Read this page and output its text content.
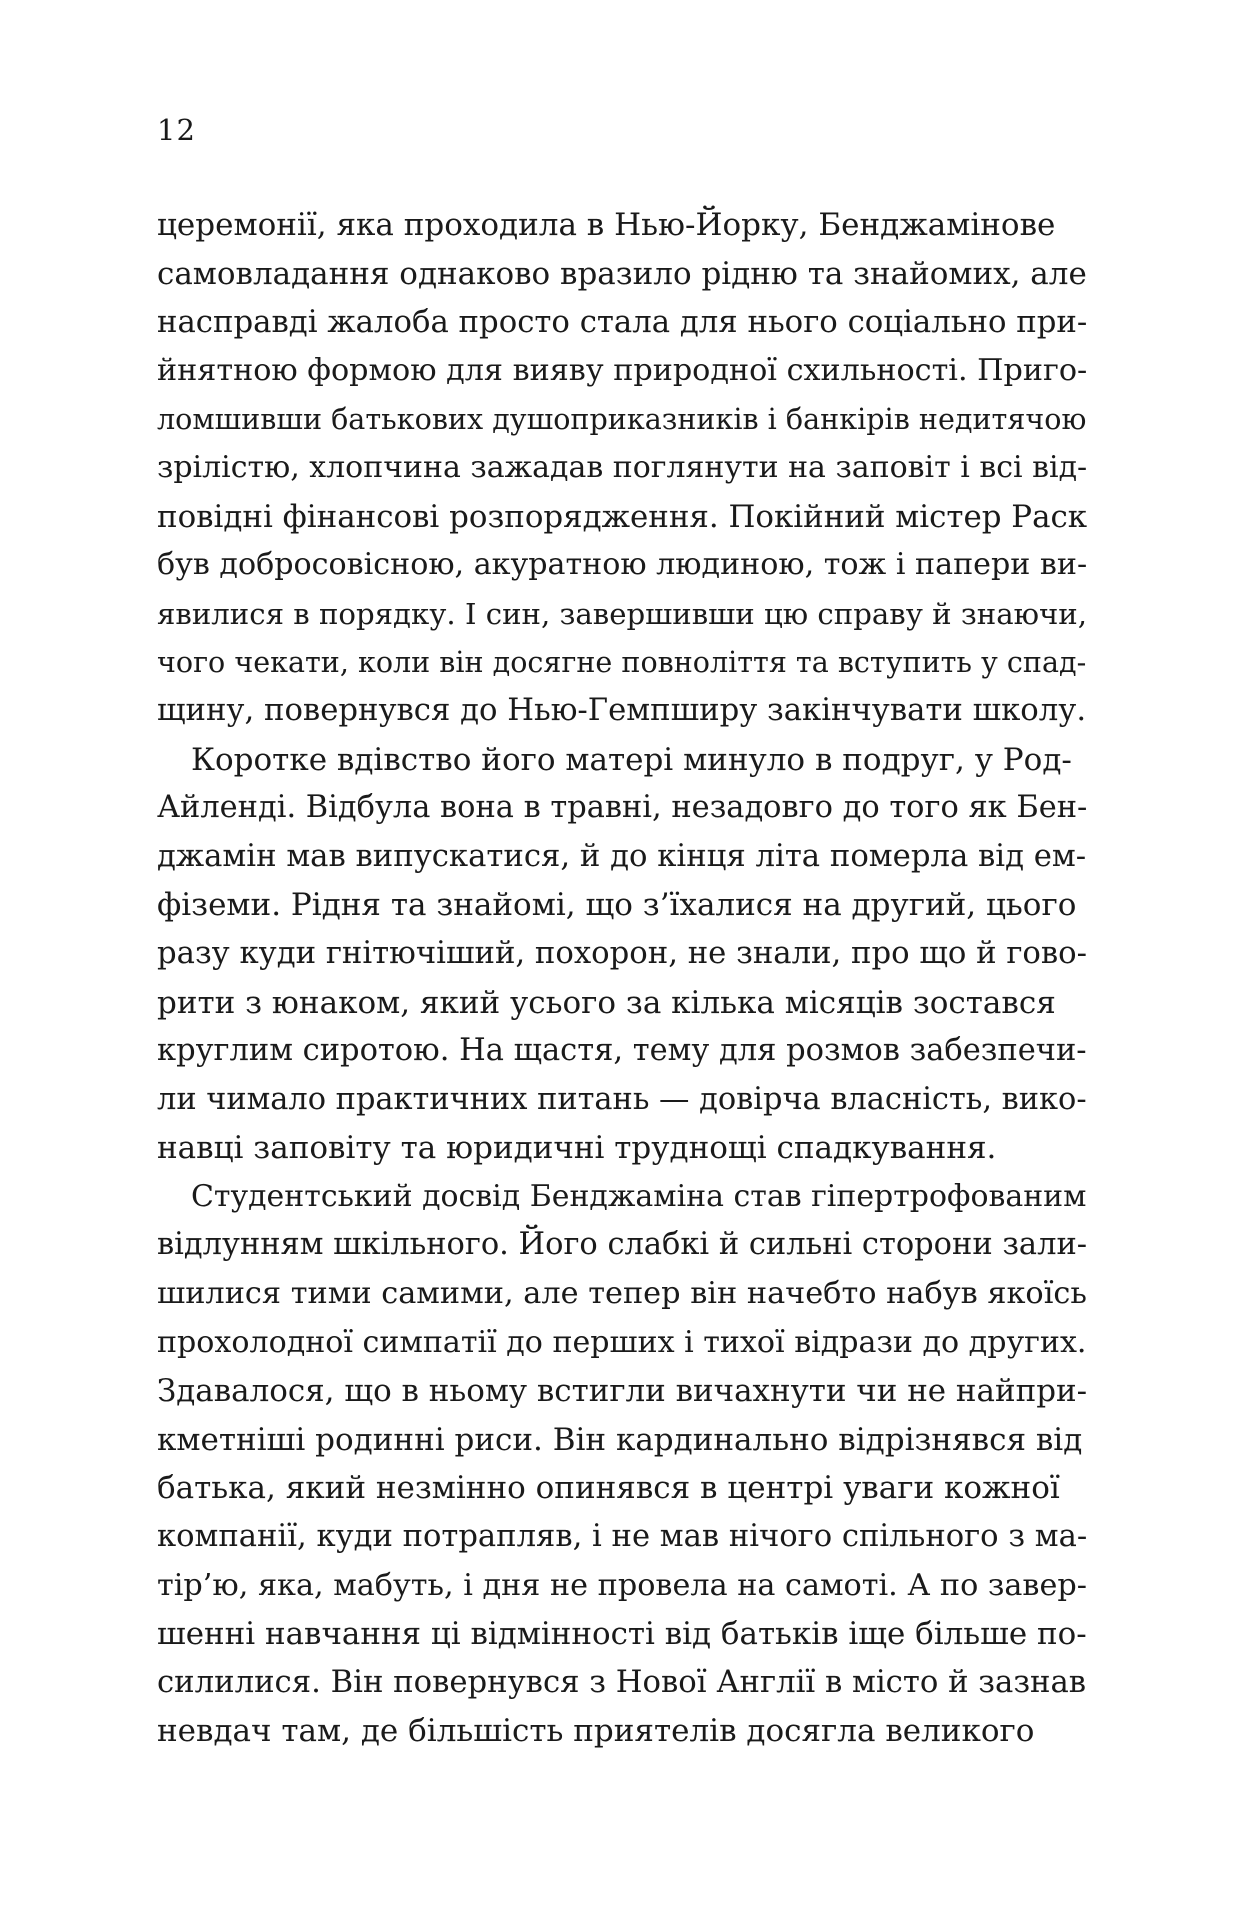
12
церемонії, яка проходила в Нью-Йорку, Бенджамінове
самовладання однаково вразило рідню та знайомих, але
насправді жалоба просто стала для нього соціально при-
йнятною формою для вияву природної схильності. Приго-
ломшивши батькових душоприказників і банкірів недитячою
зрілістю, хлопчина зажадав поглянути на заповіт і всі від-
повідні фінансові розпорядження. Покійний містер Раск
був добросовісною, акуратною людиною, тож і папери ви-
явилися в порядку. І син, завершивши цю справу й знаючи,
чого чекати, коли він досягне повноліття та вступить у спад-
щину, повернувся до Нью-Гемпширу закінчувати школу.
Коротке вдівство його матері минуло в подруг, у Род-
Айленді. Відбула вона в травні, незадовго до того як Бен-
джамін мав випускатися, й до кінця літа померла від ем-
фіземи. Рідня та знайомі, що з’їхалися на другий, цього
разу куди гнітючіший, похорон, не знали, про що й гово-
рити з юнаком, який усього за кілька місяців зостався
круглим сиротою. На щастя, тему для розмов забезпечи-
ли чимало практичних питань — довірча власність, вико-
навці заповіту та юридичні труднощі спадкування.
Студентський досвід Бенджаміна став гіпертрофованим
відлунням шкільного. Його слабкі й сильні сторони зали-
шилися тими самими, але тепер він начебто набув якоїсь
прохолодної симпатії до перших і тихої відрази до других.
Здавалося, що в ньому встигли вичахнути чи не найпри-
кметніші родинні риси. Він кардинально відрізнявся від
батька, який незмінно опинявся в центрі уваги кожної
компанії, куди потрапляв, і не мав нічого спільного з ма-
тір’ю, яка, мабуть, і дня не провела на самоті. А по завер-
шенні навчання ці відмінності від батьків іще більше по-
силилися. Він повернувся з Нової Англії в місто й зазнав
невдач там, де більшість приятелів досягла великого
